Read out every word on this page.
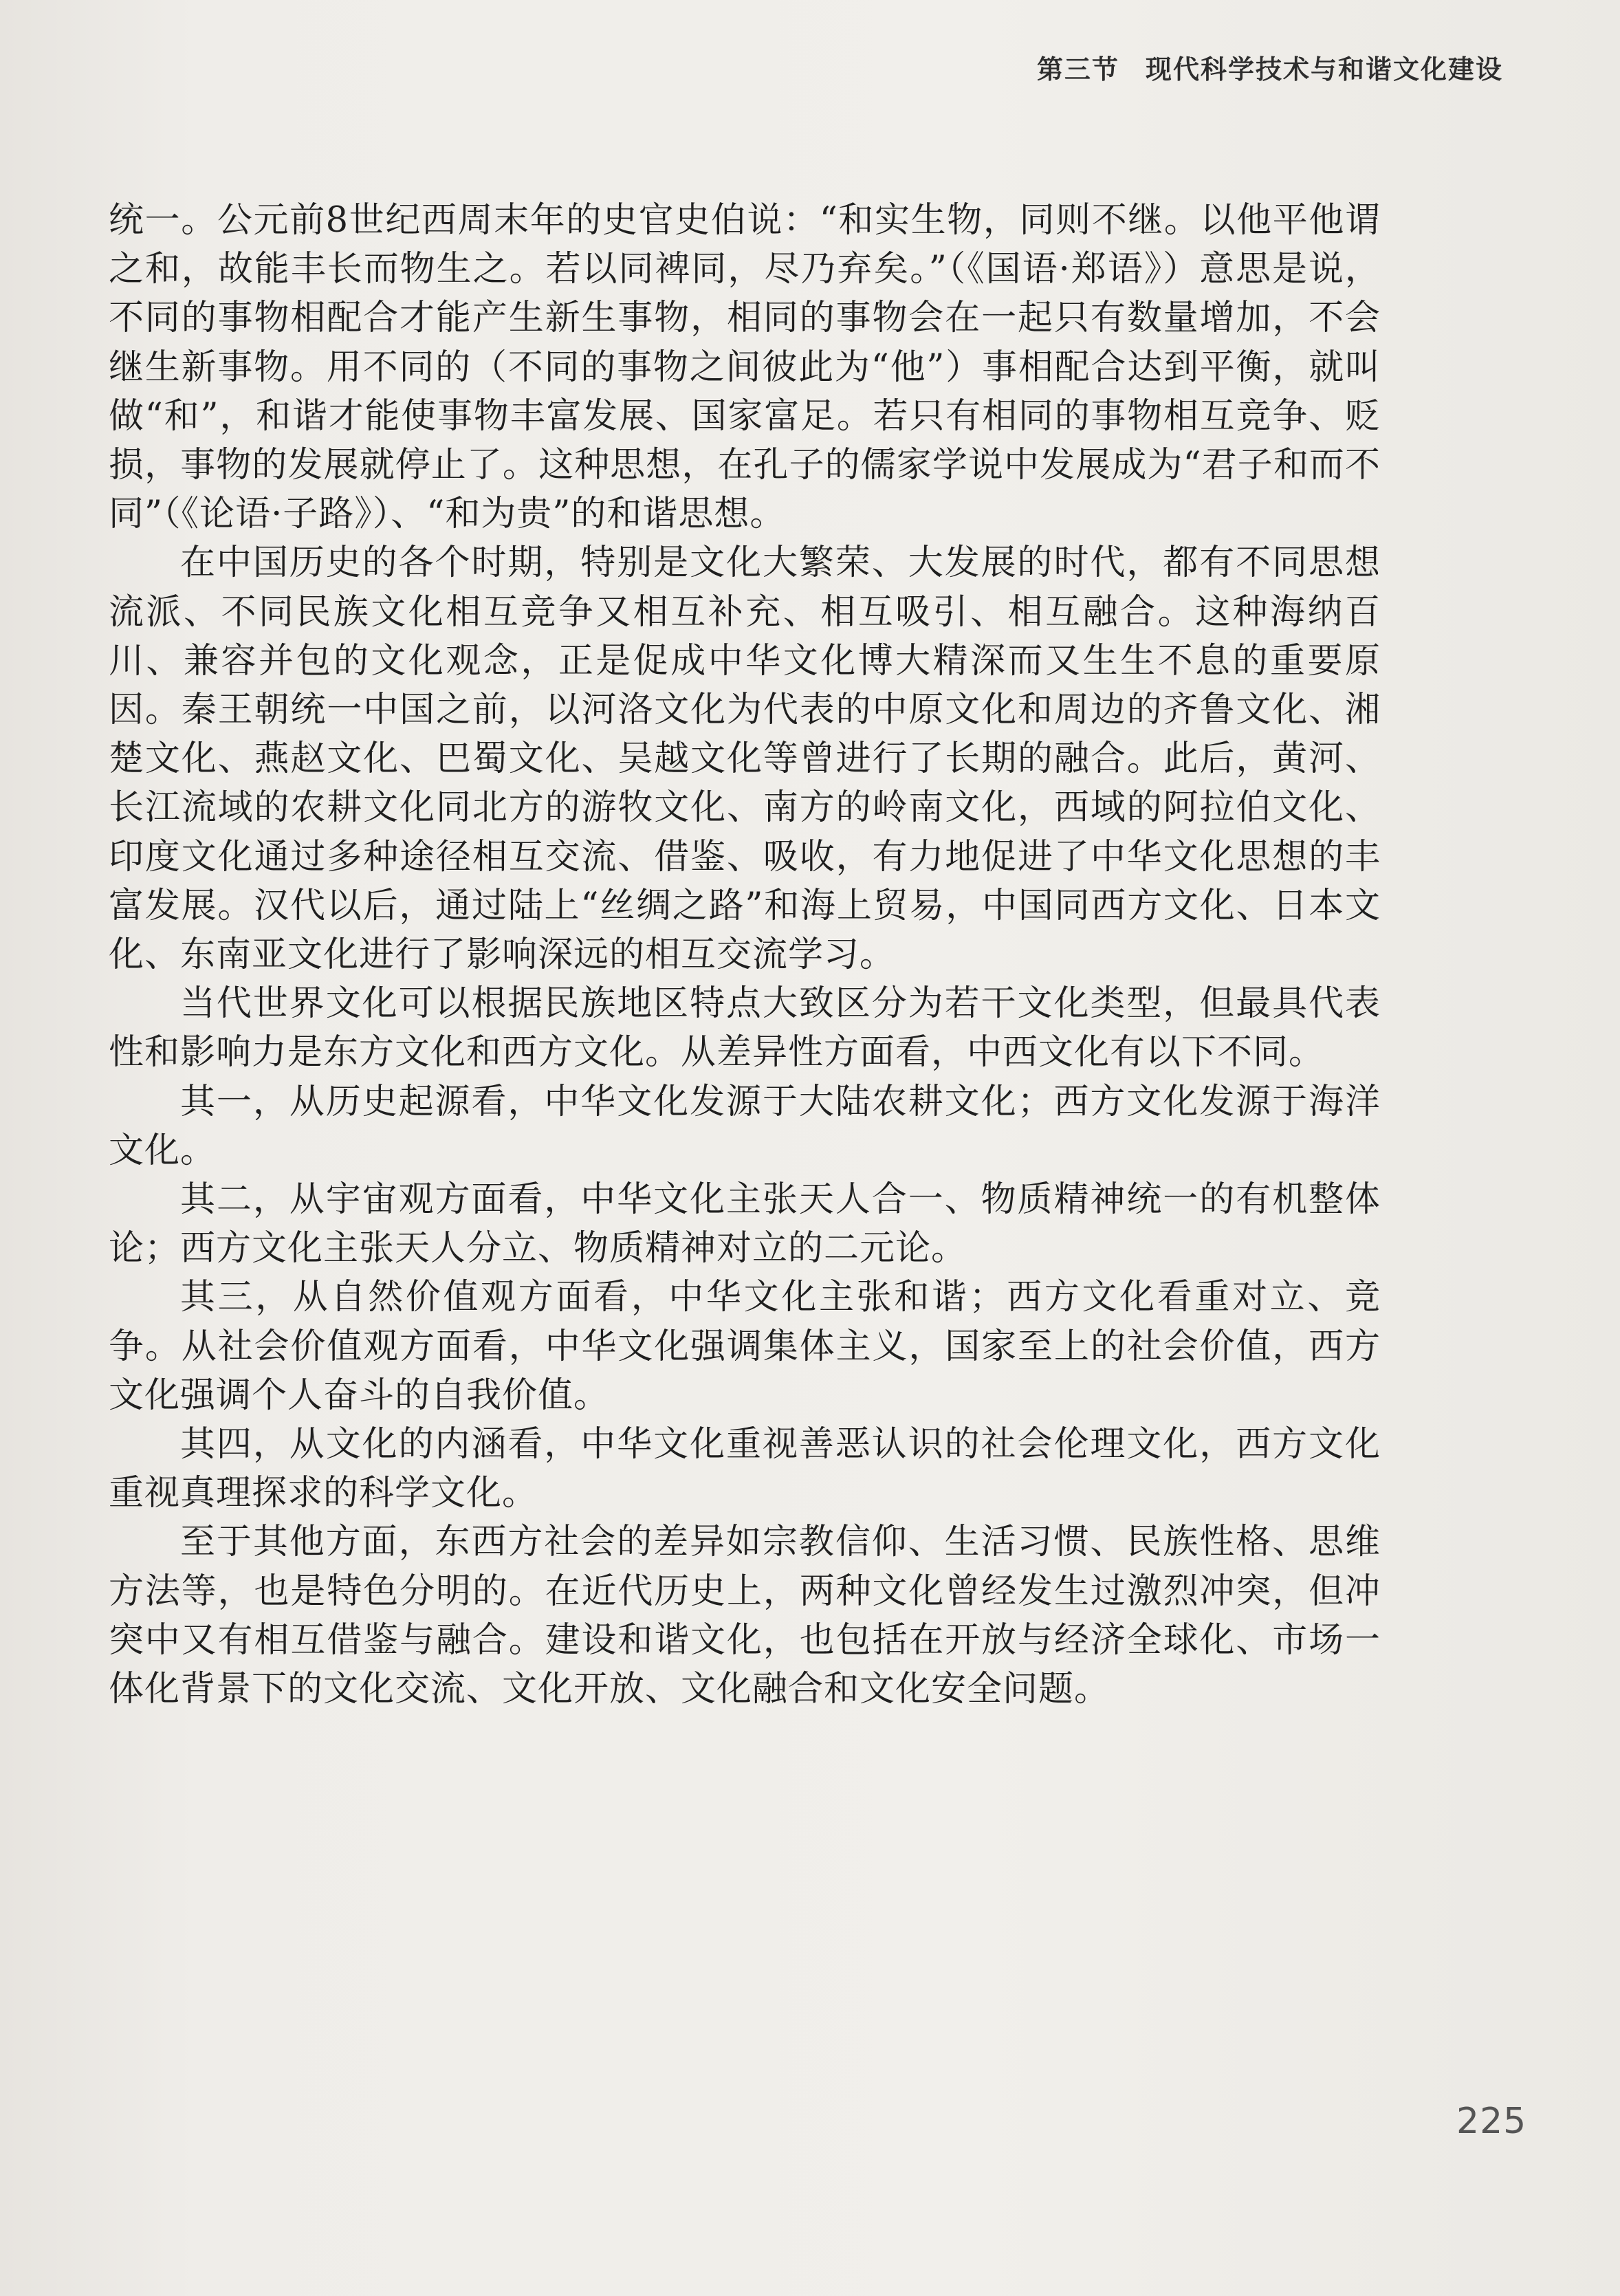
第三节 现代科学技术与和谐文化建设

统一。公元前8世纪西周末年的史官史伯说：“和实生物，同则不继。以他平他谓之和，故能丰长而物生之。若以同裨同，尽乃弃矣。”（《国语·郑语》）意思是说，不同的事物相配合才能产生新生事物，相同的事物会在一起只有数量增加，不会继生新事物。用不同的（不同的事物之间彼此为“他”）事相配合达到平衡，就叫做“和”，和谐才能使事物丰富发展、国家富足。若只有相同的事物相互竞争、贬损，事物的发展就停止了。这种思想，在孔子的儒家学说中发展成为“君子和而不同”（《论语·子路》）、“和为贵”的和谐思想。

在中国历史的各个时期，特别是文化大繁荣、大发展的时代，都有不同思想流派、不同民族文化相互竞争又相互补充、相互吸引、相互融合。这种海纳百川、兼容并包的文化观念，正是促成中华文化博大精深而又生生不息的重要原因。秦王朝统一中国之前，以河洛文化为代表的中原文化和周边的齐鲁文化、湘楚文化、燕赵文化、巴蜀文化、吴越文化等曾进行了长期的融合。此后，黄河、长江流域的农耕文化同北方的游牧文化、南方的岭南文化，西域的阿拉伯文化、印度文化通过多种途径相互交流、借鉴、吸收，有力地促进了中华文化思想的丰富发展。汉代以后，通过陆上“丝绸之路”和海上贸易，中国同西方文化、日本文化、东南亚文化进行了影响深远的相互交流学习。

当代世界文化可以根据民族地区特点大致区分为若干文化类型，但最具代表性和影响力是东方文化和西方文化。从差异性方面看，中西文化有以下不同。

其一，从历史起源看，中华文化发源于大陆农耕文化；西方文化发源于海洋文化。

其二，从宇宙观方面看，中华文化主张天人合一、物质精神统一的有机整体论；西方文化主张天人分立、物质精神对立的二元论。

其三，从自然价值观方面看，中华文化主张和谐；西方文化看重对立、竞争。从社会价值观方面看，中华文化强调集体主义，国家至上的社会价值，西方文化强调个人奋斗的自我价值。

其四，从文化的内涵看，中华文化重视善恶认识的社会伦理文化，西方文化重视真理探求的科学文化。

至于其他方面，东西方社会的差异如宗教信仰、生活习惯、民族性格、思维方法等，也是特色分明的。在近代历史上，两种文化曾经发生过激烈冲突，但冲突中又有相互借鉴与融合。建设和谐文化，也包括在开放与经济全球化、市场一体化背景下的文化交流、文化开放、文化融合和文化安全问题。

225
